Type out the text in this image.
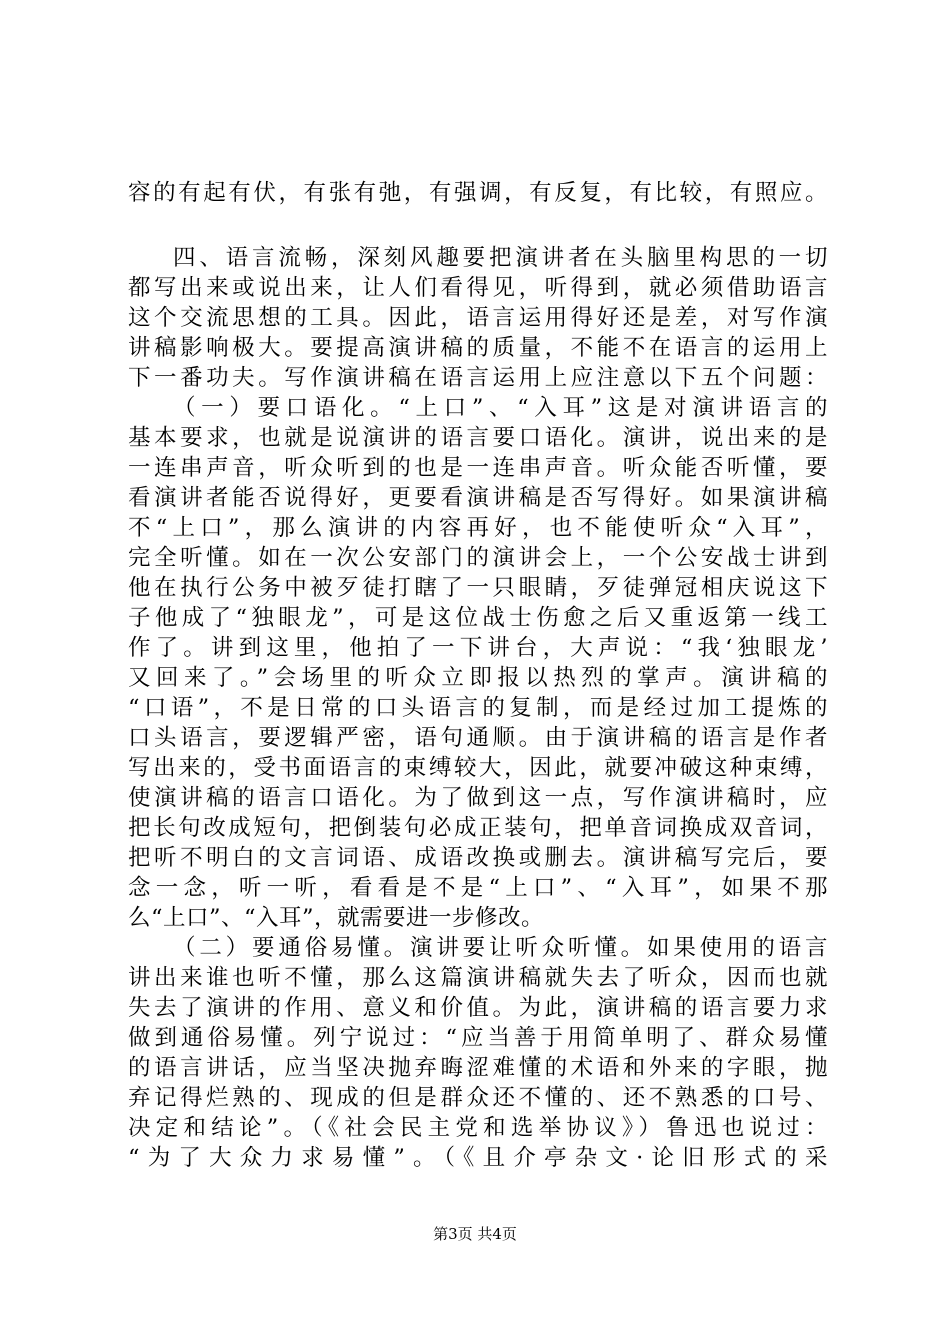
容的有起有伏，有张有弛，有强调，有反复，有比较，有照应。
四、语言流畅，深刻风趣要把演讲者在头脑里构思的一切
都写出来或说出来，让人们看得见，听得到，就必须借助语言
这个交流思想的工具。因此，语言运用得好还是差，对写作演
讲稿影响极大。要提高演讲稿的质量，不能不在语言的运用上
下一番功夫。写作演讲稿在语言运用上应注意以下五个问题：
（一）要口语化。“上口”、“入耳”这是对演讲语言的
基本要求，也就是说演讲的语言要口语化。演讲，说出来的是
一连串声音，听众听到的也是一连串声音。听众能否听懂，要
看演讲者能否说得好，更要看演讲稿是否写得好。如果演讲稿
不“上口”，那么演讲的内容再好，也不能使听众“入耳”，
完全听懂。如在一次公安部门的演讲会上，一个公安战士讲到
他在执行公务中被歹徒打瞎了一只眼睛，歹徒弹冠相庆说这下
子他成了“独眼龙”，可是这位战士伤愈之后又重返第一线工
作了。讲到这里，他拍了一下讲台，大声说：“我‘独眼龙’
又回来了。”会场里的听众立即报以热烈的掌声。演讲稿的
“口语”，不是日常的口头语言的复制，而是经过加工提炼的
口头语言，要逻辑严密，语句通顺。由于演讲稿的语言是作者
写出来的，受书面语言的束缚较大，因此，就要冲破这种束缚，
使演讲稿的语言口语化。为了做到这一点，写作演讲稿时，应
把长句改成短句，把倒装句必成正装句，把单音词换成双音词，
把听不明白的文言词语、成语改换或删去。演讲稿写完后，要
念一念，听一听，看看是不是“上口”、“入耳”，如果不那
么“上口”、“入耳”，就需要进一步修改。
（二）要通俗易懂。演讲要让听众听懂。如果使用的语言
讲出来谁也听不懂，那么这篇演讲稿就失去了听众，因而也就
失去了演讲的作用、意义和价值。为此，演讲稿的语言要力求
做到通俗易懂。列宁说过：“应当善于用简单明了、群众易懂
的语言讲话，应当坚决抛弃晦涩难懂的术语和外来的字眼，抛
弃记得烂熟的、现成的但是群众还不懂的、还不熟悉的口号、
决定和结论”。（《社会民主党和选举协议》）鲁迅也说过：
“为了大众力求易懂”。（《且介亭杂文·论旧形式的采
第3页 共4页
